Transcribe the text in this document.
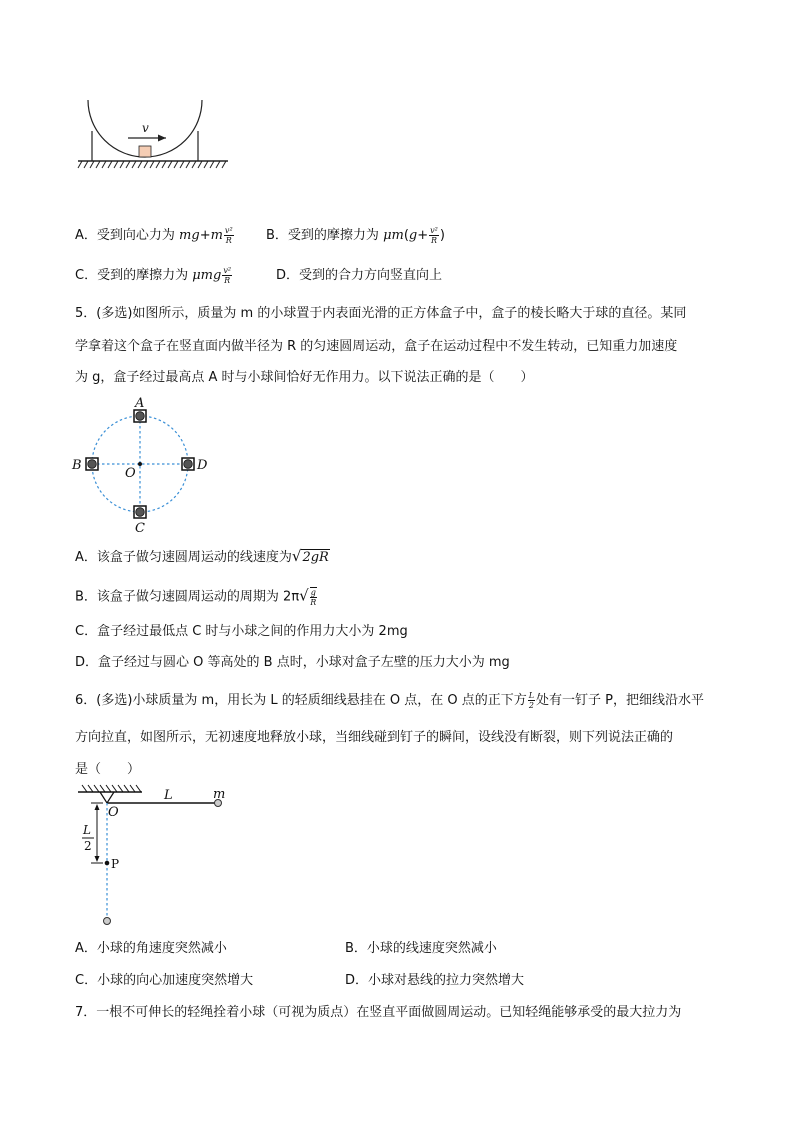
v
A．受到向心力为 $mg+m \frac{\text{v²}}{R}$ B．受到的摩擦力为 $\mu m(g+ \frac{\text{v²}}{R}$ )
C．受到的摩擦力为 μmg $\frac{\text{v²}}{R}$	D．受到的合力方向竖直向上
5．(多选)如图所示，质量为 m 的小球置于内表面光滑的正方体盒子中，盒子的棱长略大于球的直径。某同
学拿着这个盒子在竖直面内做半径为 R 的匀速圆周运动，盒子在运动过程中不发生转动，已知重力加速度
为 g，盒子经过最高点 A 时与小球间恰好无作用力。以下说法正确的是（　　）
A
B	D
C
O
A．该盒子做匀速圆周运动的线速度为√2gR
B．该盒子做匀速圆周运动的周期为 $2\pi√ \frac{g}{R}$
C．盒子经过最低点 C 时与小球之间的作用力大小为 2mg
D．盒子经过与圆心 O 等高处的 B 点时，小球对盒子左壁的压力大小为 mg
6．(多选)小球质量为 m，用长为 L 的轻质细线悬挂在 O 点，在 O 点的正下方 $\frac{L}{2}$ 处有一钉子 P，把细线沿水平
方向拉直，如图所示，无初速度地释放小球，当细线碰到钉子的瞬间，设线没有断裂，则下列说法正确的
是（　　）
L
2
L	m
O
P
A．小球的角速度突然减小	B．小球的线速度突然减小
C．小球的向心加速度突然增大	D．小球对悬线的拉力突然增大
7．一根不可伸长的轻绳拴着小球（可视为质点）在竖直平面做圆周运动。已知轻绳能够承受的最大拉力为
